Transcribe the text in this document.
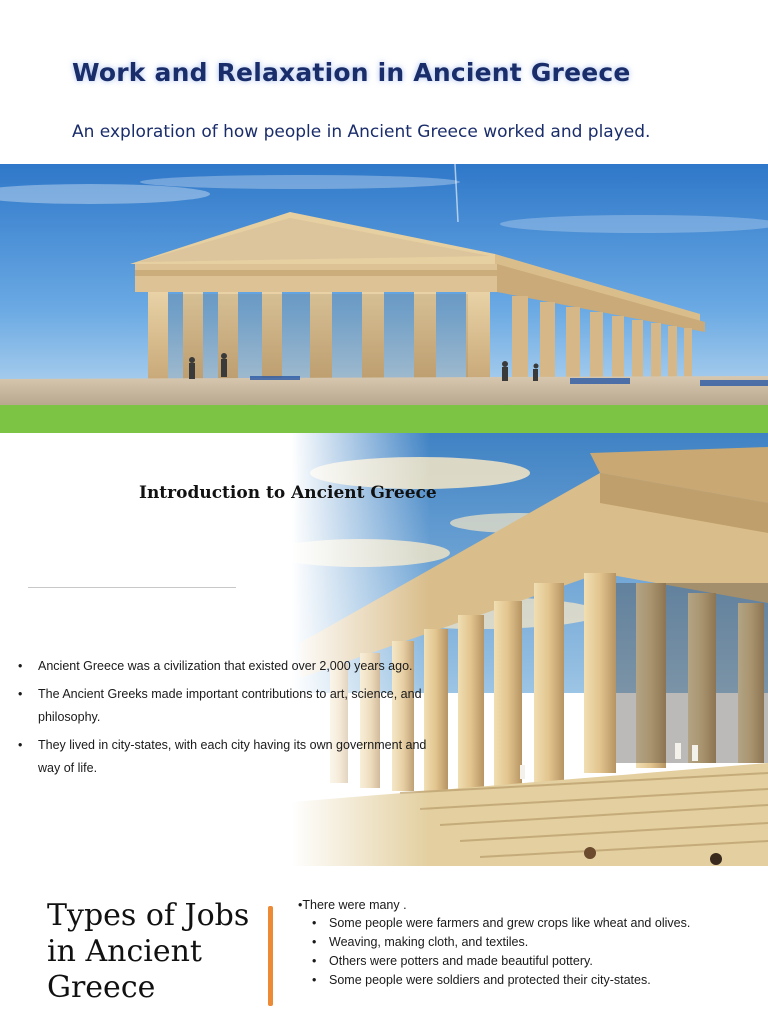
Work and Relaxation in Ancient Greece

An exploration of how people in Ancient Greece worked and played.

Introduction to Ancient Greece
• Ancient Greece was a civilization that existed over 2,000 years ago.
• The Ancient Greeks made important contributions to art, science, and philosophy.
• They lived in city-states, with each city having its own government and way of life.
Types of Jobs in Ancient Greece

•There were many .

• Some people were farmers and grew crops like wheat and olives.
• Weaving, making cloth, and textiles.
• Others were potters and made beautiful pottery.
• Some people were soldiers and protected their city-states.
